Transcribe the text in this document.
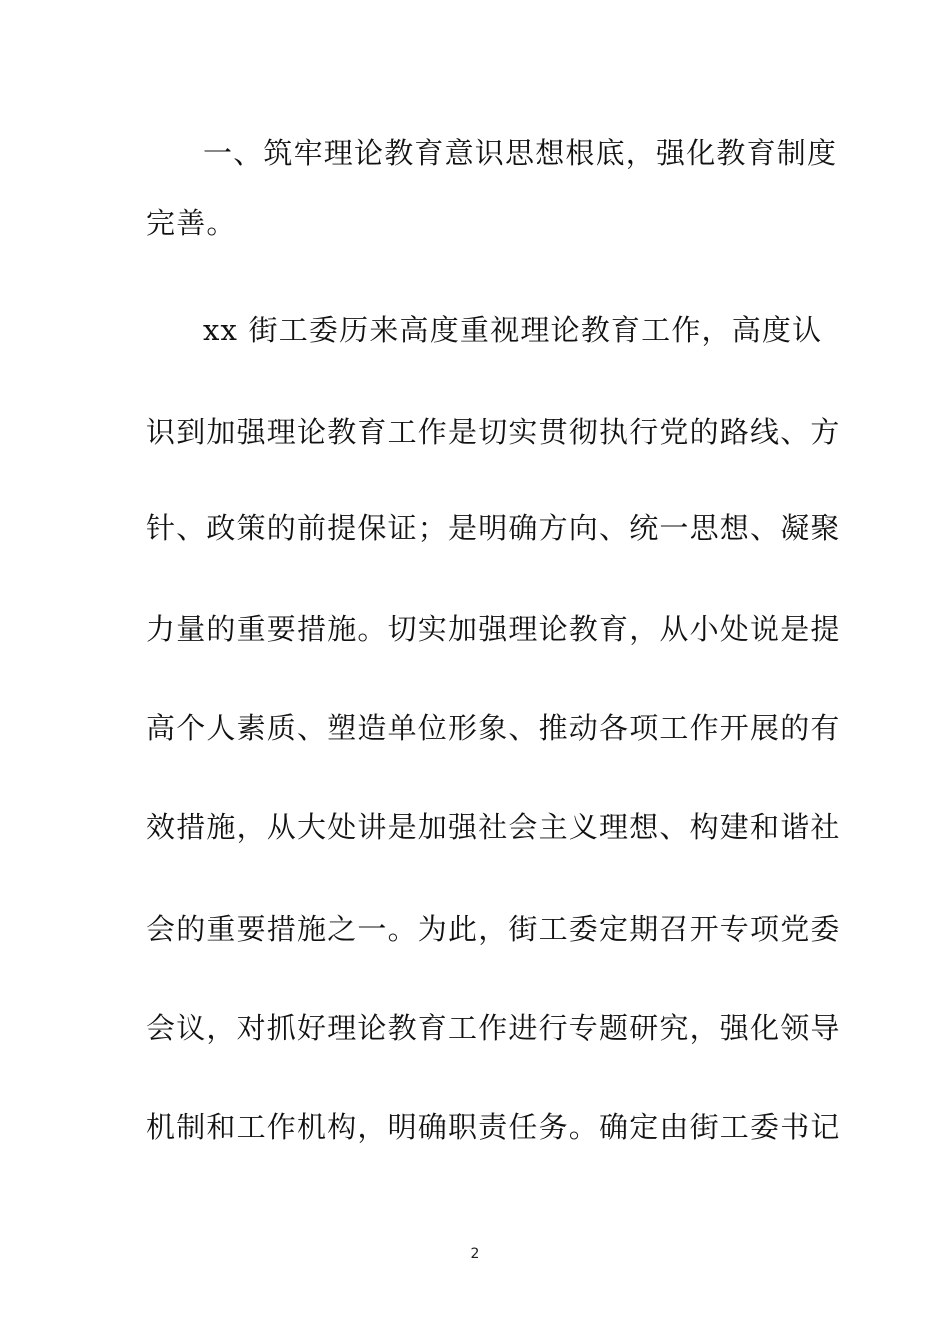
一、筑牢理论教育意识思想根底，强化教育制度
完善。
xx 街工委历来高度重视理论教育工作，高度认
识到加强理论教育工作是切实贯彻执行党的路线、方
针、政策的前提保证；是明确方向、统一思想、凝聚
力量的重要措施。切实加强理论教育，从小处说是提
高个人素质、塑造单位形象、推动各项工作开展的有
效措施，从大处讲是加强社会主义理想、构建和谐社
会的重要措施之一。为此，街工委定期召开专项党委
会议，对抓好理论教育工作进行专题研究，强化领导
机制和工作机构，明确职责任务。确定由街工委书记
2
